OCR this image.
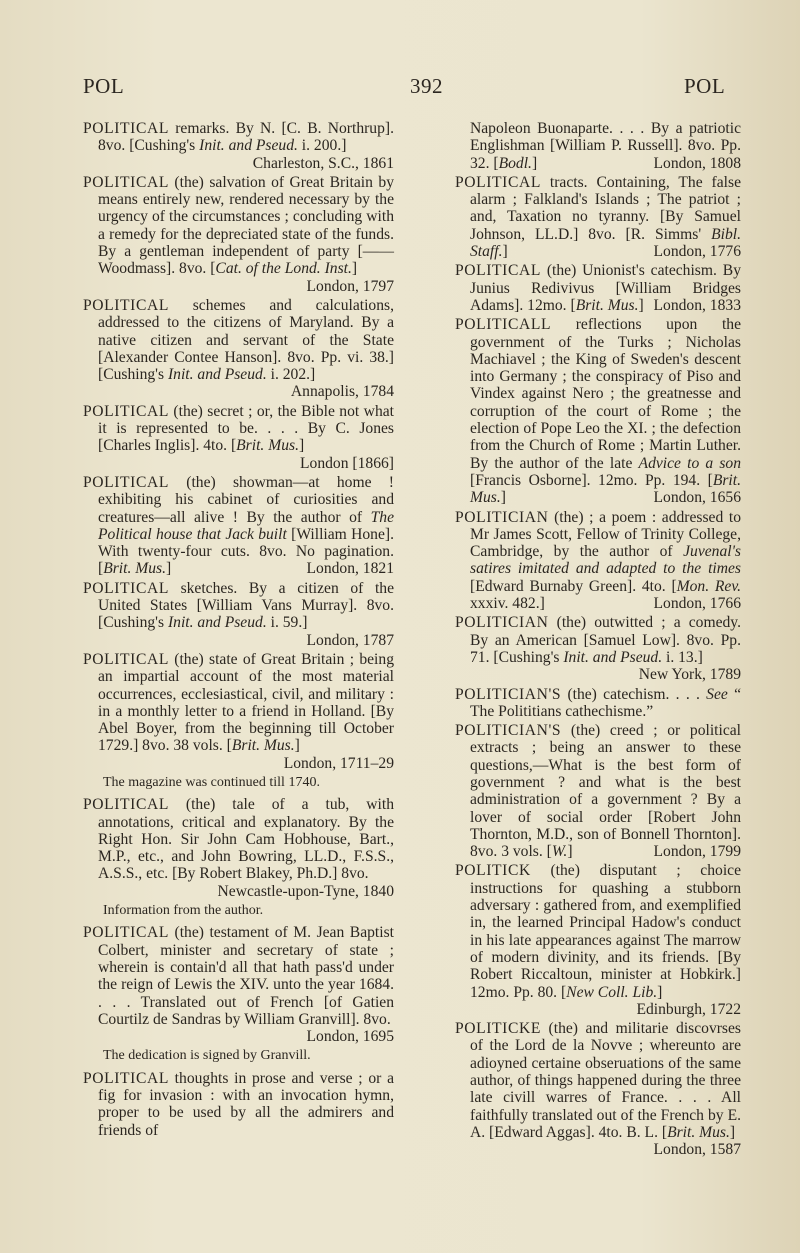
POL	392	POL
POLITICAL remarks. By N. [C. B. Northrup]. 8vo. [Cushing's Init. and Pseud. i. 200.]
Charleston, S.C., 1861
POLITICAL (the) salvation of Great Britain by means entirely new, rendered necessary by the urgency of the circumstances ; concluding with a remedy for the depreciated state of the funds. By a gentleman independent of party [—— Woodmass]. 8vo. [Cat. of the Lond. Inst.]
London, 1797
POLITICAL schemes and calculations, addressed to the citizens of Maryland. By a native citizen and servant of the State [Alexander Contee Hanson]. 8vo. Pp. vi. 38.] [Cushing's Init. and Pseud. i. 202.]
Annapolis, 1784
POLITICAL (the) secret ; or, the Bible not what it is represented to be. . . . By C. Jones [Charles Inglis]. 4to. [Brit. Mus.]
London [1866]
POLITICAL (the) showman—at home ! exhibiting his cabinet of curiosities and creatures—all alive ! By the author of The Political house that Jack built [William Hone]. With twenty-four cuts. 8vo. No pagination. [Brit. Mus.]	London, 1821
POLITICAL sketches. By a citizen of the United States [William Vans Murray]. 8vo. [Cushing's Init. and Pseud. i. 59.]
London, 1787
POLITICAL (the) state of Great Britain ; being an impartial account of the most material occurrences, ecclesiastical, civil, and military : in a monthly letter to a friend in Holland. [By Abel Boyer, from the beginning till October 1729.] 8vo. 38 vols. [Brit. Mus.]
London, 1711–29
The magazine was continued till 1740.
POLITICAL (the) tale of a tub, with annotations, critical and explanatory. By the Right Hon. Sir John Cam Hobhouse, Bart., M.P., etc., and John Bowring, LL.D., F.S.S., A.S.S., etc. [By Robert Blakey, Ph.D.] 8vo.
Newcastle-upon-Tyne, 1840
Information from the author.
POLITICAL (the) testament of M. Jean Baptist Colbert, minister and secretary of state ; wherein is contain'd all that hath pass'd under the reign of Lewis the XIV. unto the year 1684. . . . Translated out of French [of Gatien Courtilz de Sandras by William Granvill]. 8vo.
London, 1695
The dedication is signed by Granvill.
POLITICAL thoughts in prose and verse ; or a fig for invasion : with an invocation hymn, proper to be used by all the admirers and friends of
Napoleon Buonaparte. . . . By a patriotic Englishman [William P. Russell]. 8vo. Pp. 32. [Bodl.]	London, 1808
POLITICAL tracts. Containing, The false alarm ; Falkland's Islands ; The patriot ; and, Taxation no tyranny. [By Samuel Johnson, LL.D.] 8vo. [R. Simms' Bibl. Staff.]	London, 1776
POLITICAL (the) Unionist's catechism. By Junius Redivivus [William Bridges Adams]. 12mo. [Brit. Mus.] London, 1833
POLITICALL reflections upon the government of the Turks ; Nicholas Machiavel ; the King of Sweden's descent into Germany ; the conspiracy of Piso and Vindex against Nero ; the greatnesse and corruption of the court of Rome ; the election of Pope Leo the XI. ; the defection from the Church of Rome ; Martin Luther. By the author of the late Advice to a son [Francis Osborne]. 12mo. Pp. 194. [Brit. Mus.]	London, 1656
POLITICIAN (the) ; a poem : addressed to Mr James Scott, Fellow of Trinity College, Cambridge, by the author of Juvenal's satires imitated and adapted to the times [Edward Burnaby Green]. 4to. [Mon. Rev. xxxiv. 482.]	London, 1766
POLITICIAN (the) outwitted ; a comedy. By an American [Samuel Low]. 8vo. Pp. 71. [Cushing's Init. and Pseud. i. 13.]
New York, 1789
POLITICIAN'S (the) catechism. . . . See “ The Polititians cathechisme.”
POLITICIAN'S (the) creed ; or political extracts ; being an answer to these questions,—What is the best form of government ? and what is the best administration of a government ? By a lover of social order [Robert John Thornton, M.D., son of Bonnell Thornton]. 8vo. 3 vols. [W.]	London, 1799
POLITICK (the) disputant ; choice instructions for quashing a stubborn adversary : gathered from, and exemplified in, the learned Principal Hadow's conduct in his late appearances against The marrow of modern divinity, and its friends. [By Robert Riccaltoun, minister at Hobkirk.] 12mo. Pp. 80. [New Coll. Lib.]
Edinburgh, 1722
POLITICKE (the) and militarie discovrses of the Lord de la Novve ; whereunto are adioyned certaine obseruations of the same author, of things happened during the three late civill warres of France. . . . All faithfully translated out of the French by E. A. [Edward Aggas]. 4to. B. L. [Brit. Mus.]
London, 1587
